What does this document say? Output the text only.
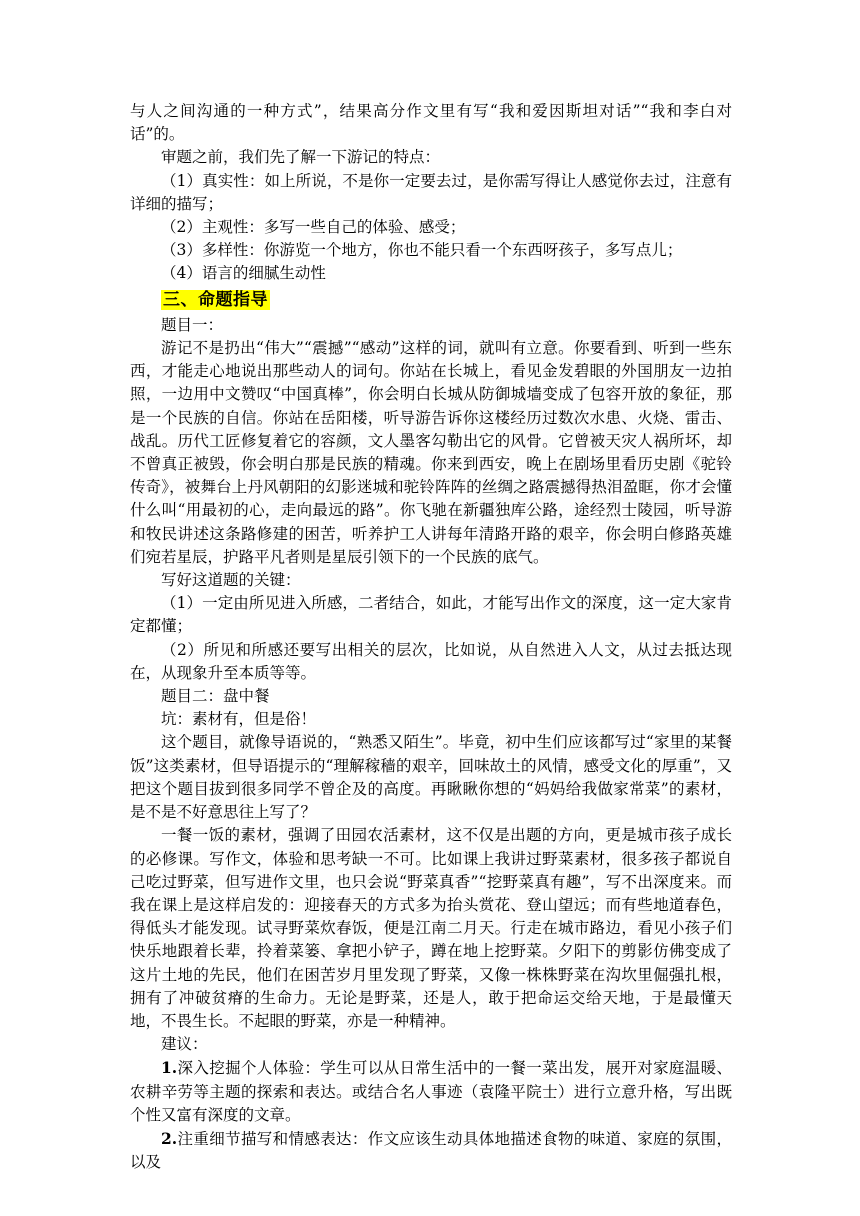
与人之间沟通的一种方式”，结果高分作文里有写“我和爱因斯坦对话”“我和李白对话”的。

审题之前，我们先了解一下游记的特点：

（1）真实性：如上所说，不是你一定要去过，是你需写得让人感觉你去过，注意有详细的描写；

（2）主观性：多写一些自己的体验、感受；

（3）多样性：你游览一个地方，你也不能只看一个东西呀孩子，多写点儿；

（4）语言的细腻生动性

三、命题指导

题目一：

游记不是扔出“伟大”“震撼”“感动”这样的词，就叫有立意。你要看到、听到一些东西，才能走心地说出那些动人的词句。你站在长城上，看见金发碧眼的外国朋友一边拍照，一边用中文赞叹“中国真棒”，你会明白长城从防御城墙变成了包容开放的象征，那是一个民族的自信。你站在岳阳楼，听导游告诉你这楼经历过数次水患、火烧、雷击、战乱。历代工匠修复着它的容颜，文人墨客勾勒出它的风骨。它曾被天灾人祸所坏，却不曾真正被毁，你会明白那是民族的精魂。你来到西安，晚上在剧场里看历史剧《驼铃传奇》，被舞台上丹风朝阳的幻影迷城和驼铃阵阵的丝绸之路震撼得热泪盈眶，你才会懂什么叫“用最初的心，走向最远的路”。你飞驰在新疆独库公路，途经烈士陵园，听导游和牧民讲述这条路修建的困苦，听养护工人讲每年清路开路的艰辛，你会明白修路英雄们宛若星辰，护路平凡者则是星辰引领下的一个民族的底气。

写好这道题的关键：

（1）一定由所见进入所感，二者结合，如此，才能写出作文的深度，这一定大家肯定都懂；

（2）所见和所感还要写出相关的层次，比如说，从自然进入人文，从过去抵达现在，从现象升至本质等等。

题目二：盘中餐

坑：素材有，但是俗！

这个题目，就像导语说的，“熟悉又陌生”。毕竟，初中生们应该都写过“家里的某餐饭”这类素材，但导语提示的“理解稼穑的艰辛，回味故土的风情，感受文化的厚重”，又把这个题目拔到很多同学不曾企及的高度。再瞅瞅你想的“妈妈给我做家常菜”的素材，是不是不好意思往上写了？

一餐一饭的素材，强调了田园农活素材，这不仅是出题的方向，更是城市孩子成长的必修课。写作文，体验和思考缺一不可。比如课上我讲过野菜素材，很多孩子都说自己吃过野菜，但写进作文里，也只会说“野菜真香”“挖野菜真有趣”，写不出深度来。而我在课上是这样启发的：迎接春天的方式多为抬头赏花、登山望远；而有些地道春色，得低头才能发现。试寻野菜炊春饭，便是江南二月天。行走在城市路边，看见小孩子们快乐地跟着长辈，拎着菜篓、拿把小铲子，蹲在地上挖野菜。夕阳下的剪影仿佛变成了这片土地的先民，他们在困苦岁月里发现了野菜，又像一株株野菜在沟坎里倔强扎根，拥有了冲破贫瘠的生命力。无论是野菜，还是人，敢于把命运交给天地，于是最懂天地，不畏生长。不起眼的野菜，亦是一种精神。

建议：

1.深入挖掘个人体验：学生可以从日常生活中的一餐一菜出发，展开对家庭温暖、农耕辛劳等主题的探索和表达。或结合名人事迹（袁隆平院士）进行立意升格，写出既个性又富有深度的文章。

2.注重细节描写和情感表达：作文应该生动具体地描述食物的味道、家庭的氛围，以及
